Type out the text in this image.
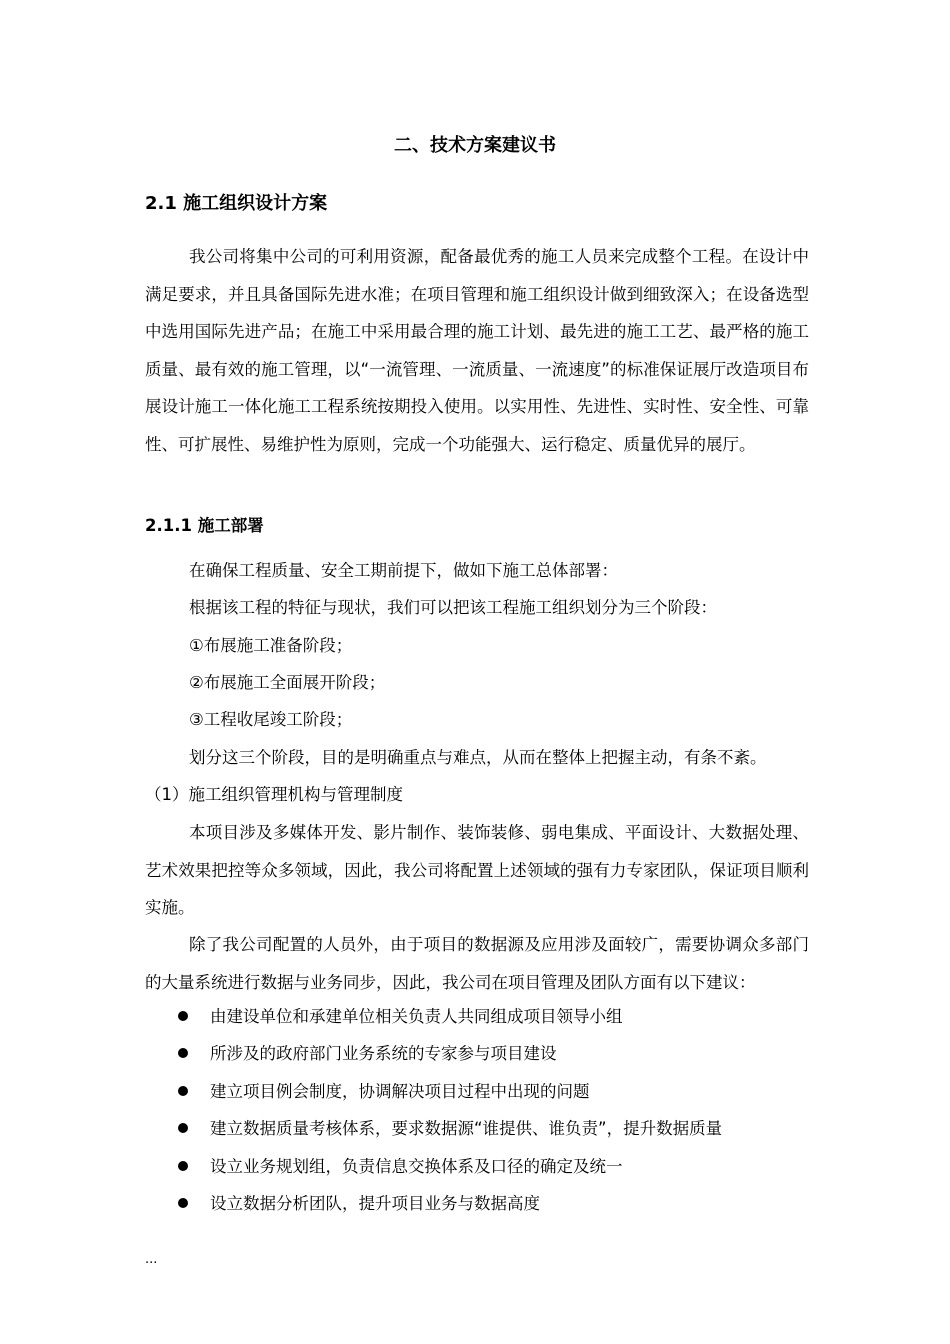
二、技术方案建议书
2.1 施工组织设计方案
我公司将集中公司的可利用资源，配备最优秀的施工人员来完成整个工程。在设计中满足要求，并且具备国际先进水准；在项目管理和施工组织设计做到细致深入；在设备选型中选用国际先进产品；在施工中采用最合理的施工计划、最先进的施工工艺、最严格的施工质量、最有效的施工管理，以“一流管理、一流质量、一流速度”的标准保证展厅改造项目布展设计施工一体化施工工程系统按期投入使用。以实用性、先进性、实时性、安全性、可靠性、可扩展性、易维护性为原则，完成一个功能强大、运行稳定、质量优异的展厅。
2.1.1 施工部署
在确保工程质量、安全工期前提下，做如下施工总体部署：
根据该工程的特征与现状，我们可以把该工程施工组织划分为三个阶段：
①布展施工准备阶段；
②布展施工全面展开阶段；
③工程收尾竣工阶段；
划分这三个阶段，目的是明确重点与难点，从而在整体上把握主动，有条不紊。
（1）施工组织管理机构与管理制度
本项目涉及多媒体开发、影片制作、装饰装修、弱电集成、平面设计、大数据处理、艺术效果把控等众多领域，因此，我公司将配置上述领域的强有力专家团队，保证项目顺利实施。
除了我公司配置的人员外，由于项目的数据源及应用涉及面较广，需要协调众多部门的大量系统进行数据与业务同步，因此，我公司在项目管理及团队方面有以下建议：
由建设单位和承建单位相关负责人共同组成项目领导小组
所涉及的政府部门业务系统的专家参与项目建设
建立项目例会制度，协调解决项目过程中出现的问题
建立数据质量考核体系，要求数据源“谁提供、谁负责”，提升数据质量
设立业务规划组，负责信息交换体系及口径的确定及统一
设立数据分析团队，提升项目业务与数据高度
...
